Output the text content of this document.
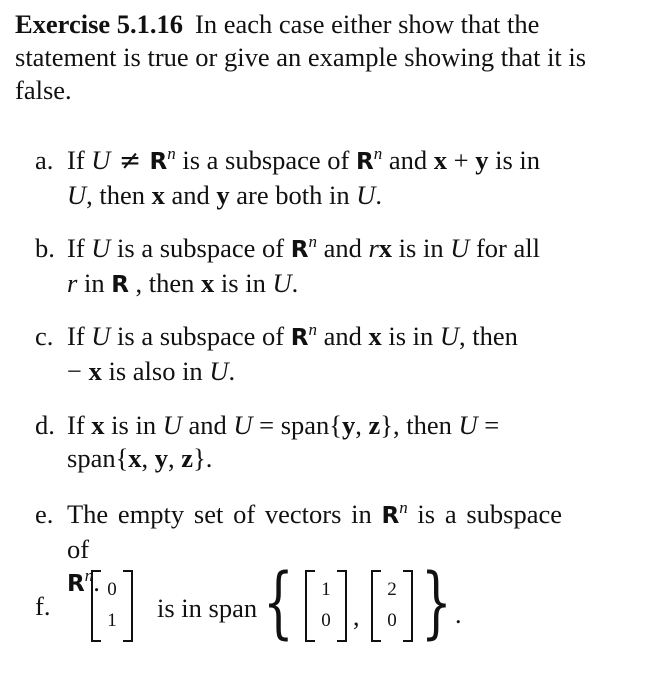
Exercise 5.1.16 In each case either show that the statement is true or give an example showing that it is false.

a. If $U \ne R^n$ is a subspace of $R^n$ and x + y is in
U, then x and y are both in U.
b. If U is a subspace of $R^n$ and rx is in U for all
r in R , then x is in U.
c. If U is a subspace of $R^n$ and x is in U, then
− x is also in U.
d. If x is in U and U = span{y, z}, then U =
span{x, y, z}.
e. The empty set of vectors in $R^n$ is a subspace of
$R^n$.
f.
0
1	is in span {	1
0 ,
2
0 } .
